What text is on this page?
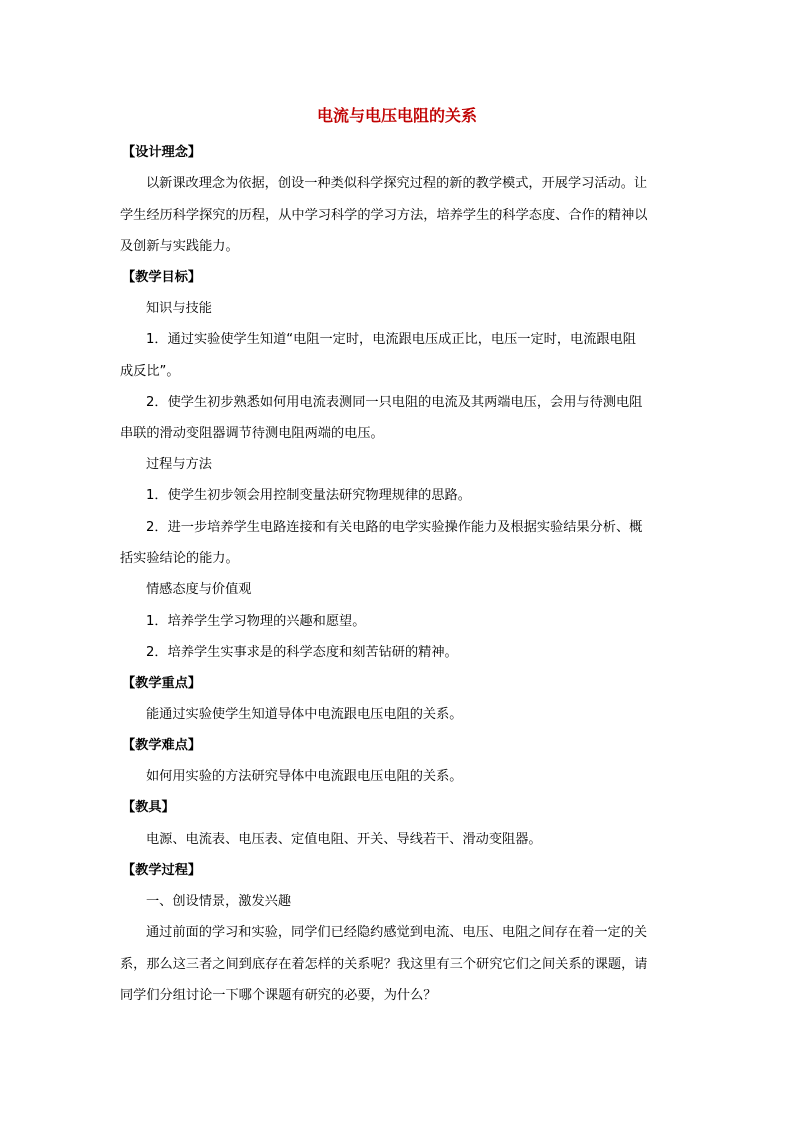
电流与电压电阻的关系
【设计理念】
以新课改理念为依据，创设一种类似科学探究过程的新的教学模式，开展学习活动。让
学生经历科学探究的历程，从中学习科学的学习方法，培养学生的科学态度、合作的精神以
及创新与实践能力。
【教学目标】
知识与技能
1．通过实验使学生知道“电阻一定时，电流跟电压成正比，电压一定时，电流跟电阻
成反比”。
2．使学生初步熟悉如何用电流表测同一只电阻的电流及其两端电压，会用与待测电阻
串联的滑动变阻器调节待测电阻两端的电压。
过程与方法
1．使学生初步领会用控制变量法研究物理规律的思路。
2．进一步培养学生电路连接和有关电路的电学实验操作能力及根据实验结果分析、概
括实验结论的能力。
情感态度与价值观
1．培养学生学习物理的兴趣和愿望。
2．培养学生实事求是的科学态度和刻苦钻研的精神。
【教学重点】
能通过实验使学生知道导体中电流跟电压电阻的关系。
【教学难点】
如何用实验的方法研究导体中电流跟电压电阻的关系。
【教具】
电源、电流表、电压表、定值电阻、开关、导线若干、滑动变阻器。
【教学过程】
一、创设情景，激发兴趣
通过前面的学习和实验，同学们已经隐约感觉到电流、电压、电阻之间存在着一定的关
系，那么这三者之间到底存在着怎样的关系呢？我这里有三个研究它们之间关系的课题，请
同学们分组讨论一下哪个课题有研究的必要，为什么？
